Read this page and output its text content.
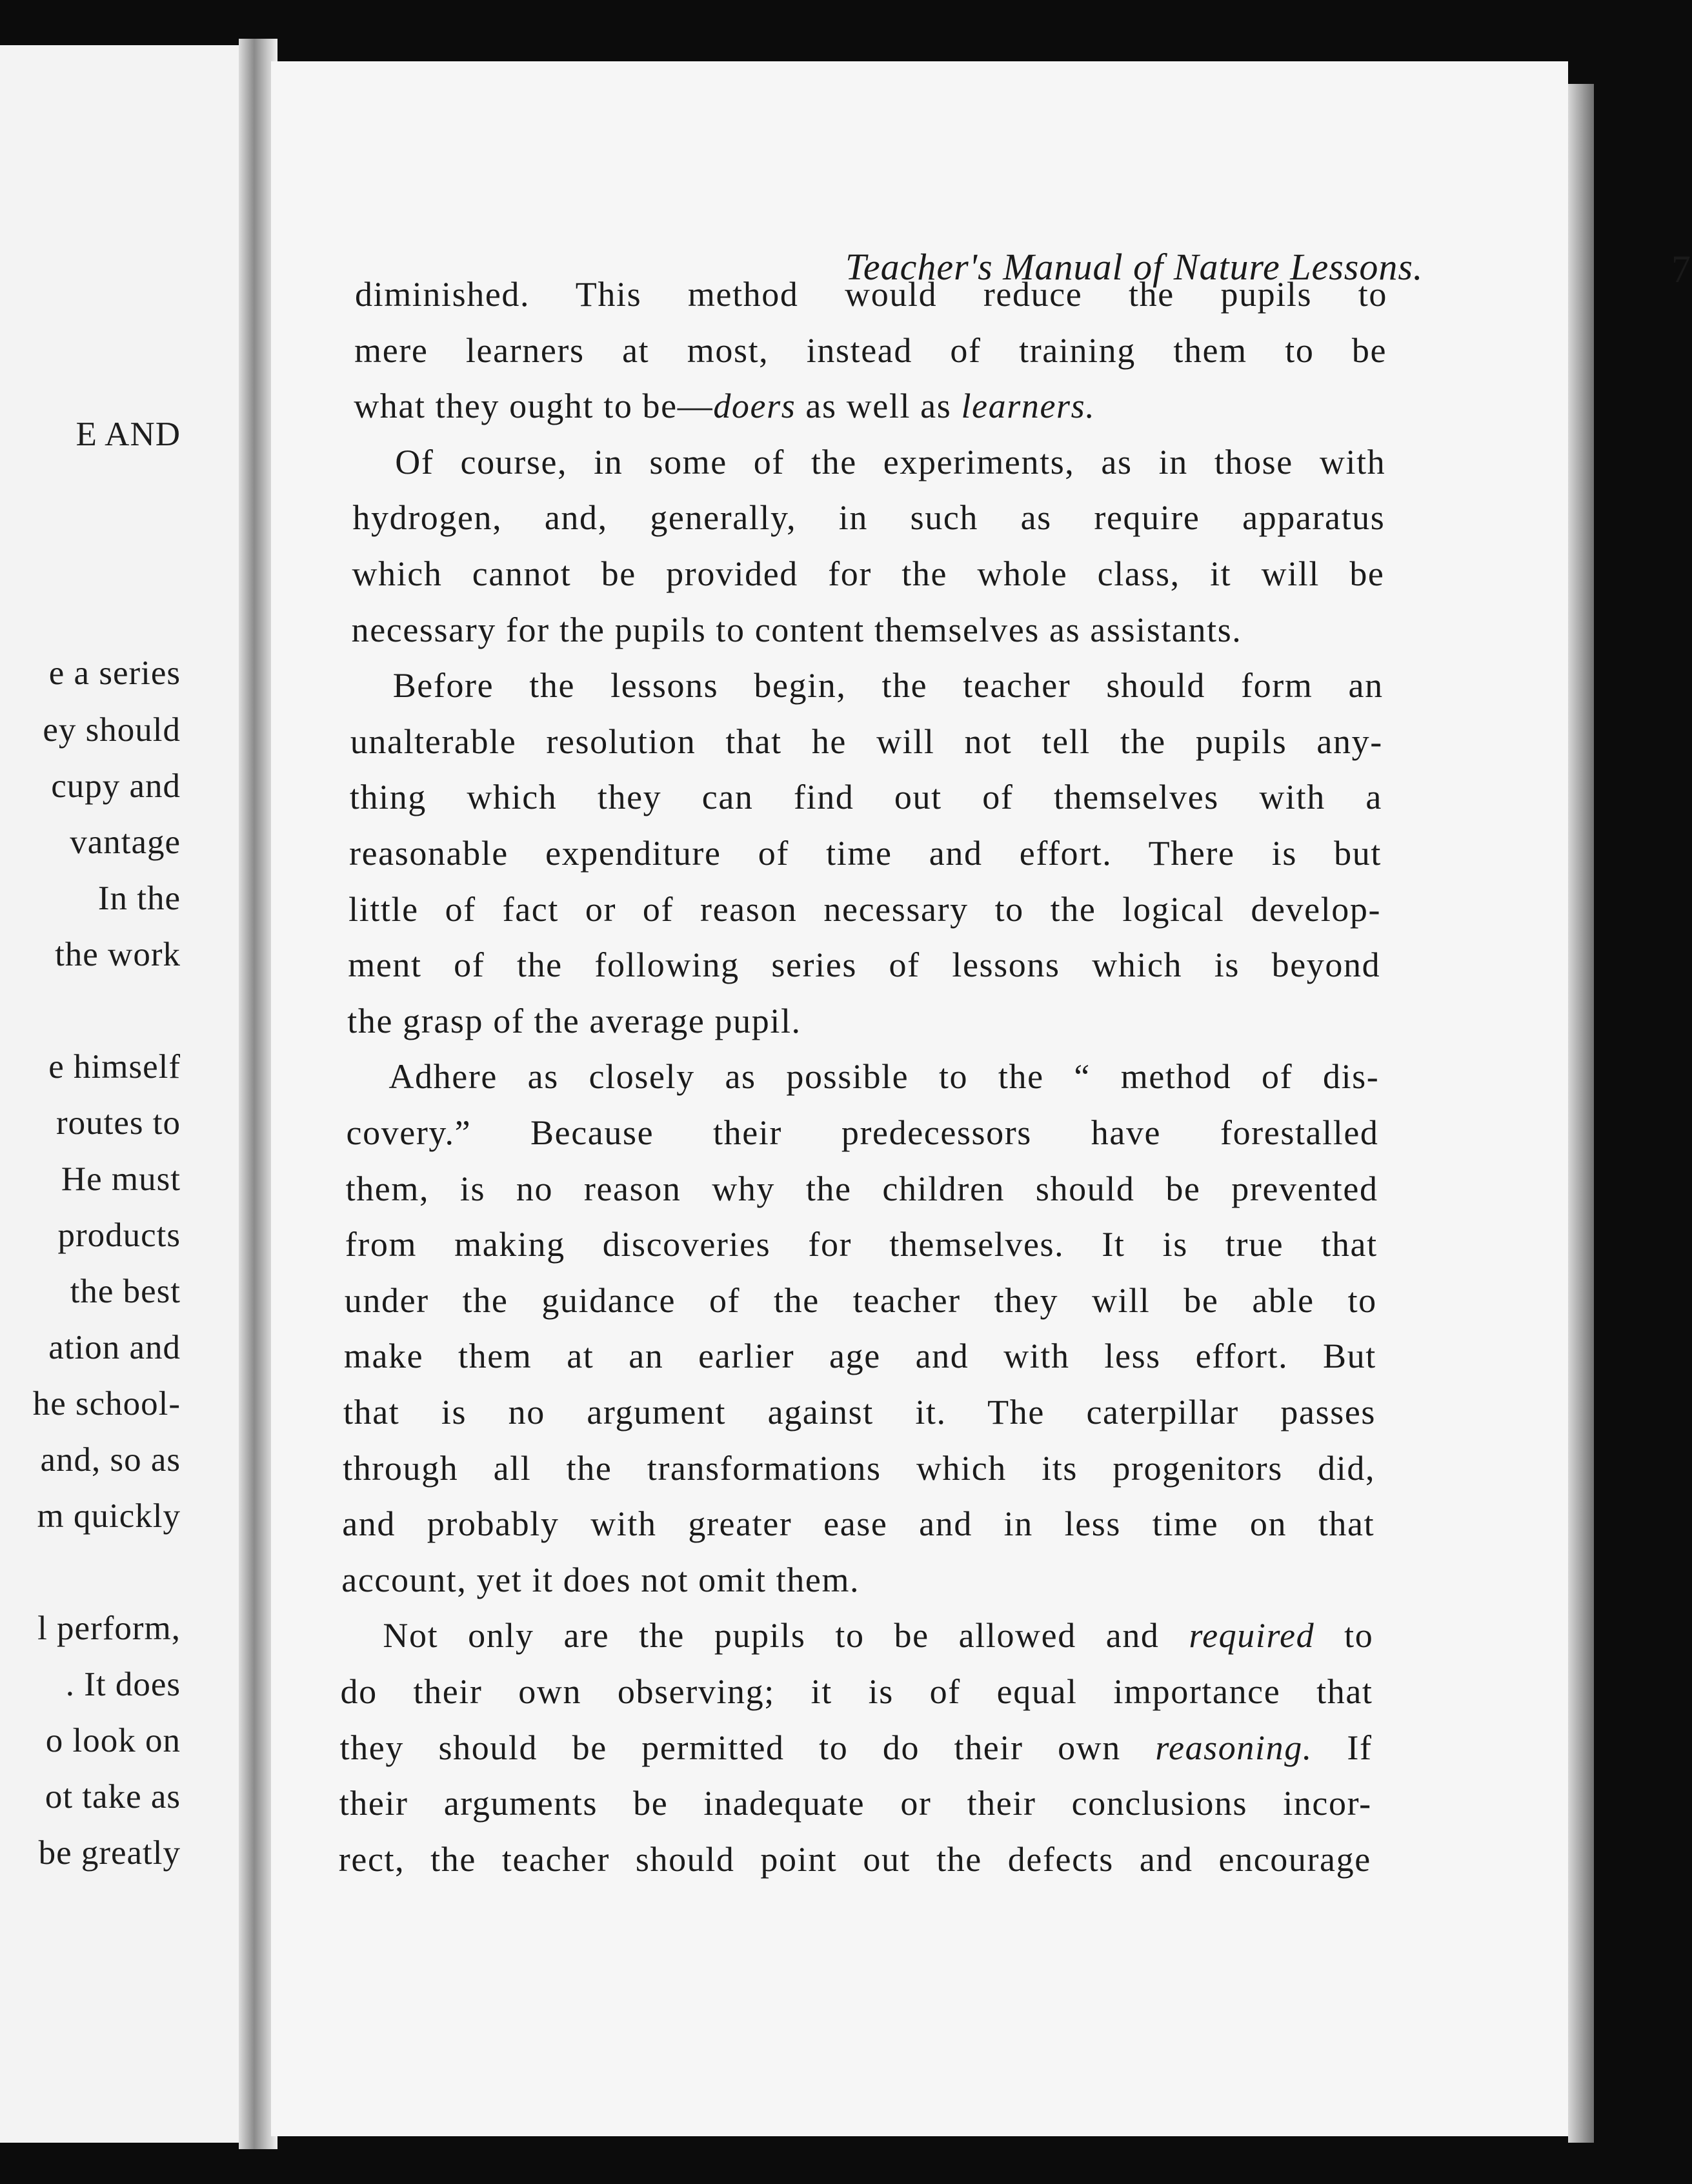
E AND
e a series
ey should
cupy and
vantage
In the
the work
e himself
routes to
He must
products
the best
ation and
he school-
and, so as
m quickly
l perform,
. It does
o look on
ot take as
be greatly
Teacher's Manual of Nature Lessons.	7
diminished. This method would reduce the pupils to
mere learners at most, instead of training them to be
what they ought to be—doers as well as learners.
Of course, in some of the experiments, as in those with
hydrogen, and, generally, in such as require apparatus
which cannot be provided for the whole class, it will be
necessary for the pupils to content themselves as assistants.
Before the lessons begin, the teacher should form an
unalterable resolution that he will not tell the pupils any-
thing which they can find out of themselves with a
reasonable expenditure of time and effort. There is but
little of fact or of reason necessary to the logical develop-
ment of the following series of lessons which is beyond
the grasp of the average pupil.
Adhere as closely as possible to the “ method of dis-
covery.” Because their predecessors have forestalled
them, is no reason why the children should be prevented
from making discoveries for themselves. It is true that
under the guidance of the teacher they will be able to
make them at an earlier age and with less effort. But
that is no argument against it. The caterpillar passes
through all the transformations which its progenitors did,
and probably with greater ease and in less time on that
account, yet it does not omit them.
Not only are the pupils to be allowed and required to
do their own observing; it is of equal importance that
they should be permitted to do their own reasoning. If
their arguments be inadequate or their conclusions incor-
rect, the teacher should point out the defects and encourage
